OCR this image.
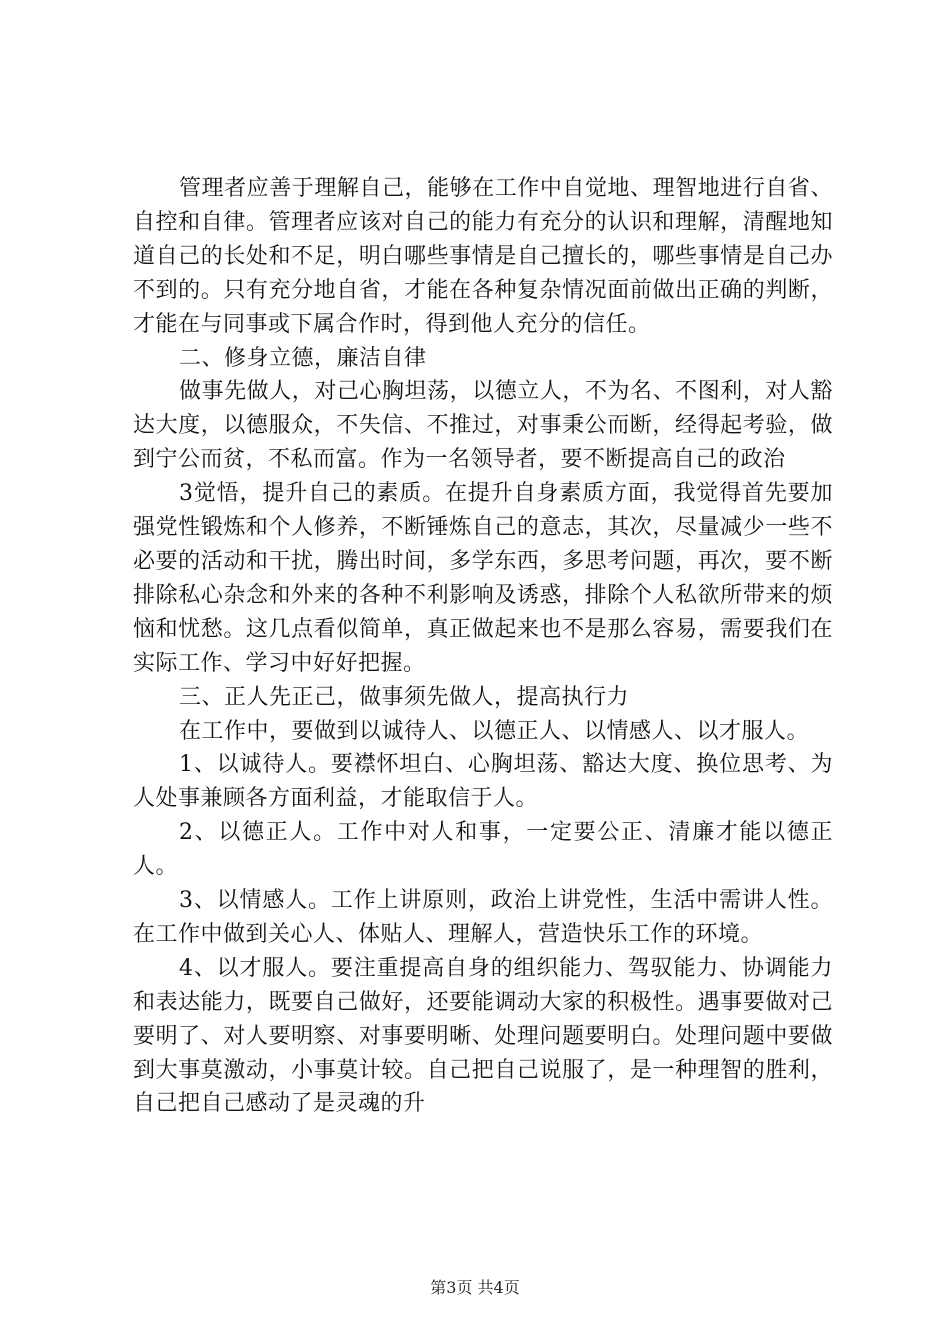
管理者应善于理解自己，能够在工作中自觉地、理智地进行自省、自控和自律。管理者应该对自己的能力有充分的认识和理解，清醒地知道自己的长处和不足，明白哪些事情是自己擅长的，哪些事情是自己办不到的。只有充分地自省，才能在各种复杂情况面前做出正确的判断，才能在与同事或下属合作时，得到他人充分的信任。

二、修身立德，廉洁自律

做事先做人，对己心胸坦荡，以德立人，不为名、不图利，对人豁达大度，以德服众，不失信、不推过，对事秉公而断，经得起考验，做到宁公而贫，不私而富。作为一名领导者，要不断提高自己的政治

3觉悟，提升自己的素质。在提升自身素质方面，我觉得首先要加强党性锻炼和个人修养，不断锤炼自己的意志，其次，尽量减少一些不必要的活动和干扰，腾出时间，多学东西，多思考问题，再次，要不断排除私心杂念和外来的各种不利影响及诱惑，排除个人私欲所带来的烦恼和忧愁。这几点看似简单，真正做起来也不是那么容易，需要我们在实际工作、学习中好好把握。

三、正人先正己，做事须先做人，提高执行力

在工作中，要做到以诚待人、以德正人、以情感人、以才服人。

1、以诚待人。要襟怀坦白、心胸坦荡、豁达大度、换位思考、为人处事兼顾各方面利益，才能取信于人。

2、以德正人。工作中对人和事，一定要公正、清廉才能以德正人。

3、以情感人。工作上讲原则，政治上讲党性，生活中需讲人性。在工作中做到关心人、体贴人、理解人，营造快乐工作的环境。

4、以才服人。要注重提高自身的组织能力、驾驭能力、协调能力和表达能力，既要自己做好，还要能调动大家的积极性。遇事要做对己要明了、对人要明察、对事要明晰、处理问题要明白。处理问题中要做到大事莫激动，小事莫计较。自己把自己说服了，是一种理智的胜利，自己把自己感动了是灵魂的升

第3页 共4页
